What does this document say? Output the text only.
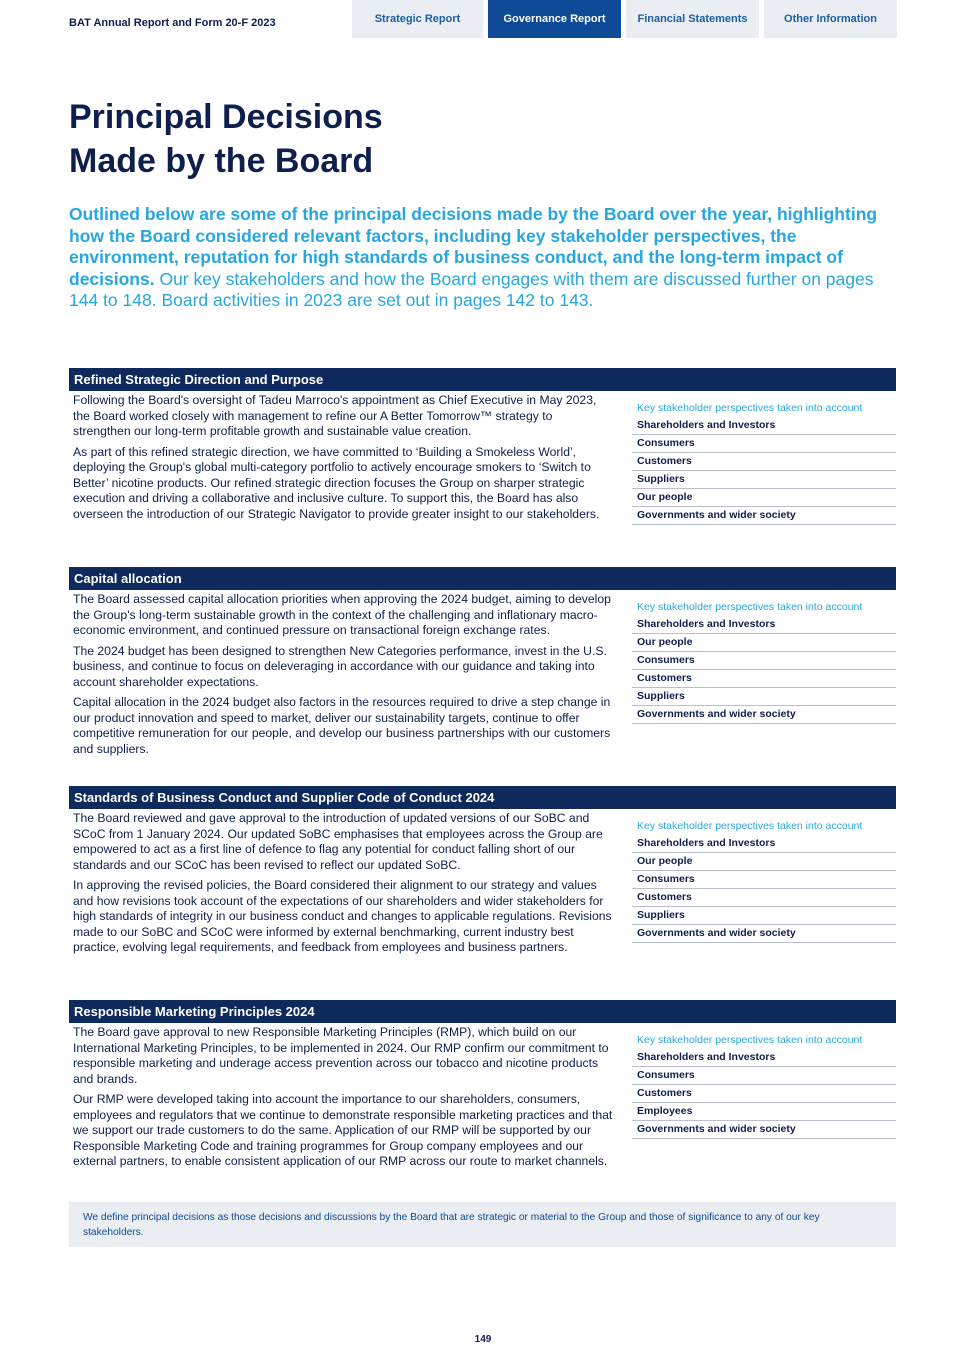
BAT Annual Report and Form 20-F 2023	Strategic Report	Governance Report	Financial Statements	Other Information
Principal Decisions
Made by the Board
Outlined below are some of the principal decisions made by the Board over the year, highlighting how the Board considered relevant factors, including key stakeholder perspectives, the environment, reputation for high standards of business conduct, and the long-term impact of decisions. Our key stakeholders and how the Board engages with them are discussed further on pages 144 to 148. Board activities in 2023 are set out in pages 142 to 143.
Refined Strategic Direction and Purpose

Following the Board's oversight of Tadeu Marroco's appointment as Chief Executive in May 2023, the Board worked closely with management to refine our A Better Tomorrow™ strategy to strengthen our long-term profitable growth and sustainable value creation.

As part of this refined strategic direction, we have committed to ‘Building a Smokeless World’, deploying the Group's global multi-category portfolio to actively encourage smokers to ‘Switch to Better’ nicotine products. Our refined strategic direction focuses the Group on sharper strategic execution and driving a collaborative and inclusive culture. To support this, the Board has also overseen the introduction of our Strategic Navigator to provide greater insight to our stakeholders.

Key stakeholder perspectives taken into account
Shareholders and Investors
Consumers
Customers
Suppliers
Our people
Governments and wider society
Capital allocation

The Board assessed capital allocation priorities when approving the 2024 budget, aiming to develop the Group's long-term sustainable growth in the context of the challenging and inflationary macro-economic environment, and continued pressure on transactional foreign exchange rates.

The 2024 budget has been designed to strengthen New Categories performance, invest in the U.S. business, and continue to focus on deleveraging in accordance with our guidance and taking into account shareholder expectations.

Capital allocation in the 2024 budget also factors in the resources required to drive a step change in our product innovation and speed to market, deliver our sustainability targets, continue to offer competitive remuneration for our people, and develop our business partnerships with our customers and suppliers.

Key stakeholder perspectives taken into account
Shareholders and Investors
Our people
Consumers
Customers
Suppliers
Governments and wider society
Standards of Business Conduct and Supplier Code of Conduct 2024

The Board reviewed and gave approval to the introduction of updated versions of our SoBC and SCoC from 1 January 2024. Our updated SoBC emphasises that employees across the Group are empowered to act as a first line of defence to flag any potential for conduct falling short of our standards and our SCoC has been revised to reflect our updated SoBC.

In approving the revised policies, the Board considered their alignment to our strategy and values and how revisions took account of the expectations of our shareholders and wider stakeholders for high standards of integrity in our business conduct and changes to applicable regulations. Revisions made to our SoBC and SCoC were informed by external benchmarking, current industry best practice, evolving legal requirements, and feedback from employees and business partners.

Key stakeholder perspectives taken into account
Shareholders and Investors
Our people
Consumers
Customers
Suppliers
Governments and wider society
Responsible Marketing Principles 2024

The Board gave approval to new Responsible Marketing Principles (RMP), which build on our International Marketing Principles, to be implemented in 2024. Our RMP confirm our commitment to responsible marketing and underage access prevention across our tobacco and nicotine products and brands.

Our RMP were developed taking into account the importance to our shareholders, consumers, employees and regulators that we continue to demonstrate responsible marketing practices and that we support our trade customers to do the same. Application of our RMP will be supported by our Responsible Marketing Code and training programmes for Group company employees and our external partners, to enable consistent application of our RMP across our route to market channels.

Key stakeholder perspectives taken into account
Shareholders and Investors
Consumers
Customers
Employees
Governments and wider society
We define principal decisions as those decisions and discussions by the Board that are strategic or material to the Group and those of significance to any of our key stakeholders.
149
